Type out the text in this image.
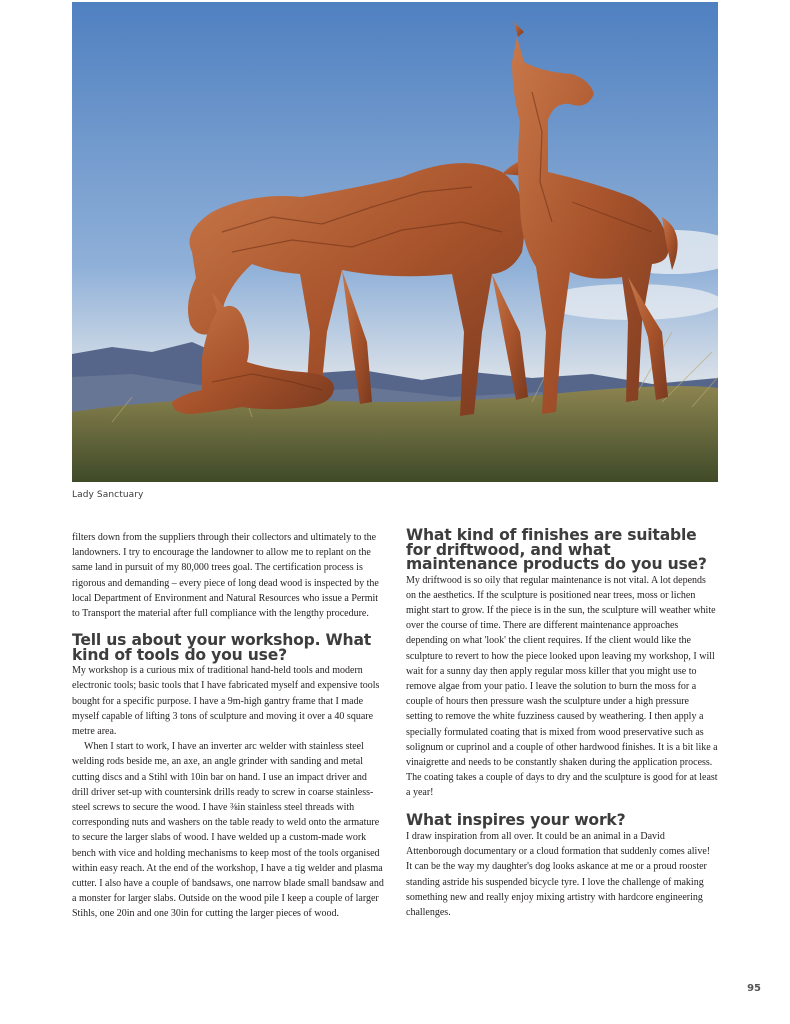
Lady Sanctuary

filters down from the suppliers through their collectors and ultimately to the landowners. I try to encourage the landowner to allow me to replant on the same land in pursuit of my 80,000 trees goal. The certification process is rigorous and demanding – every piece of long dead wood is inspected by the local Department of Environment and Natural Resources who issue a Permit to Transport the material after full compliance with the lengthy procedure.

Tell us about your workshop. What kind of tools do you use?

My workshop is a curious mix of traditional hand-held tools and modern electronic tools; basic tools that I have fabricated myself and expensive tools bought for a specific purpose. I have a 9m-high gantry frame that I made myself capable of lifting 3 tons of sculpture and moving it over a 40 square metre area.

When I start to work, I have an inverter arc welder with stainless steel welding rods beside me, an axe, an angle grinder with sanding and metal cutting discs and a Stihl with 10in bar on hand. I use an impact driver and drill driver set-up with countersink drills ready to screw in coarse stainless-steel screws to secure the wood. I have ⅜in stainless steel threads with corresponding nuts and washers on the table ready to weld onto the armature to secure the larger slabs of wood. I have welded up a custom-made work bench with vice and holding mechanisms to keep most of the tools organised within easy reach. At the end of the workshop, I have a tig welder and plasma cutter. I also have a couple of bandsaws, one narrow blade small bandsaw and a monster for larger slabs. Outside on the wood pile I keep a couple of larger Stihls, one 20in and one 30in for cutting the larger pieces of wood.

What kind of finishes are suitable for driftwood, and what maintenance products do you use?

My driftwood is so oily that regular maintenance is not vital. A lot depends on the aesthetics. If the sculpture is positioned near trees, moss or lichen might start to grow. If the piece is in the sun, the sculpture will weather white over the course of time. There are different maintenance approaches depending on what 'look' the client requires. If the client would like the sculpture to revert to how the piece looked upon leaving my workshop, I will wait for a sunny day then apply regular moss killer that you might use to remove algae from your patio. I leave the solution to burn the moss for a couple of hours then pressure wash the sculpture under a high pressure setting to remove the white fuzziness caused by weathering. I then apply a specially formulated coating that is mixed from wood preservative such as solignum or cuprinol and a couple of other hardwood finishes. It is a bit like a vinaigrette and needs to be constantly shaken during the application process. The coating takes a couple of days to dry and the sculpture is good for at least a year!

What inspires your work?

I draw inspiration from all over. It could be an animal in a David Attenborough documentary or a cloud formation that suddenly comes alive! It can be the way my daughter's dog looks askance at me or a proud rooster standing astride his suspended bicycle tyre. I love the challenge of making something new and really enjoy mixing artistry with hardcore engineering challenges.

95
